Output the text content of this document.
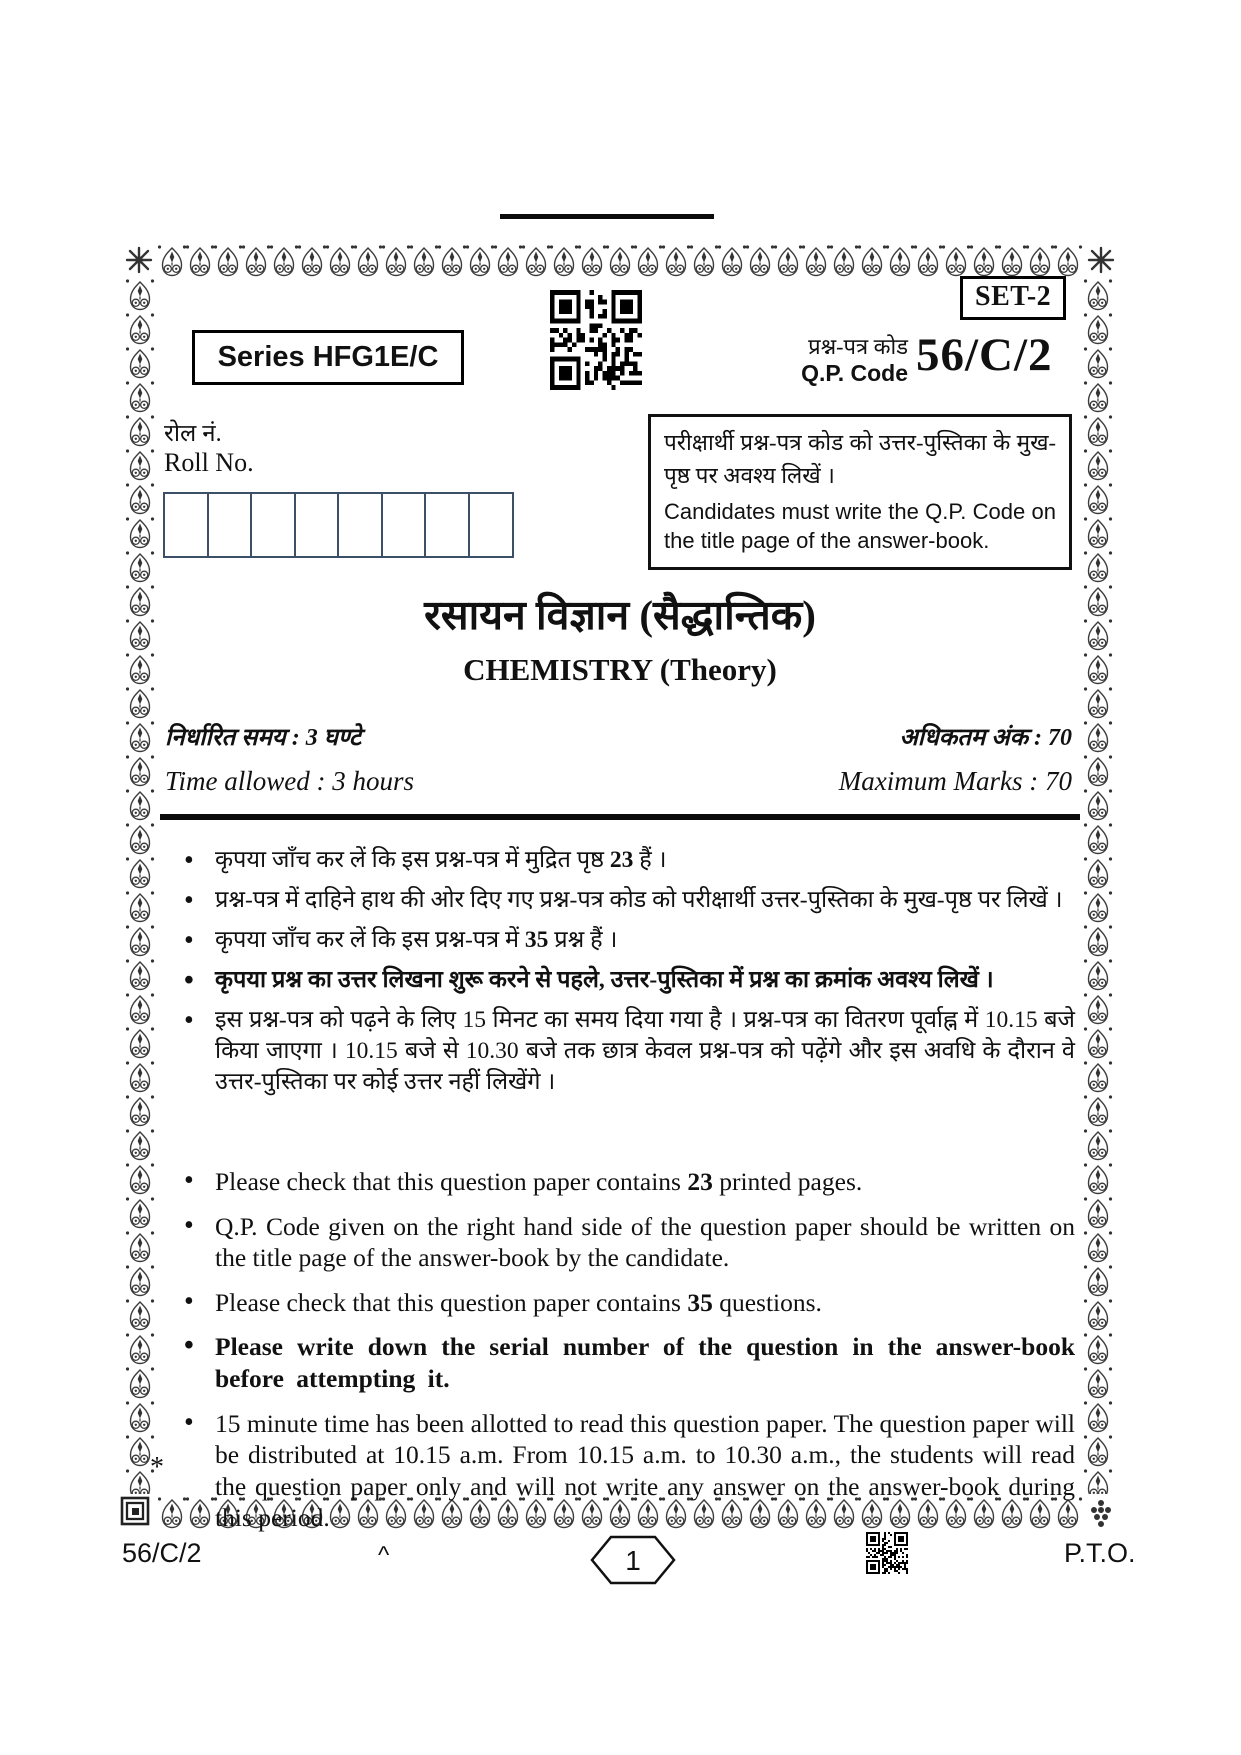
SET-2
Series HFG1E/C	प्रश्न-पत्र कोड
Q.P. Code 56/C/2
रोल नं.
Roll No.
परीक्षार्थी प्रश्न-पत्र कोड को उत्तर-पुस्तिका के मुख-पृष्ठ पर अवश्य लिखें ।
Candidates must write the Q.P. Code on the title page of the answer-book.
रसायन विज्ञान (सैद्धान्तिक)
CHEMISTRY (Theory)
निर्धारित समय : 3 घण्टे	अधिकतम अंक : 70
Time allowed : 3 hours	Maximum Marks : 70
• कृपया जाँच कर लें कि इस प्रश्न-पत्र में मुद्रित पृष्ठ 23 हैं ।
• प्रश्न-पत्र में दाहिने हाथ की ओर दिए गए प्रश्न-पत्र कोड को परीक्षार्थी उत्तर-पुस्तिका के मुख-पृष्ठ पर लिखें ।
• कृपया जाँच कर लें कि इस प्रश्न-पत्र में 35 प्रश्न हैं ।
• कृपया प्रश्न का उत्तर लिखना शुरू करने से पहले, उत्तर-पुस्तिका में प्रश्न का क्रमांक अवश्य लिखें ।
• इस प्रश्न-पत्र को पढ़ने के लिए 15 मिनट का समय दिया गया है । प्रश्न-पत्र का वितरण पूर्वाह्न में 10.15 बजे किया जाएगा । 10.15 बजे से 10.30 बजे तक छात्र केवल प्रश्न-पत्र को पढ़ेंगे और इस अवधि के दौरान वे उत्तर-पुस्तिका पर कोई उत्तर नहीं लिखेंगे ।
• Please check that this question paper contains 23 printed pages.
• Q.P. Code given on the right hand side of the question paper should be written on the title page of the answer-book by the candidate.
• Please check that this question paper contains 35 questions.
• Please write down the serial number of the question in the answer-book before attempting it.
• 15 minute time has been allotted to read this question paper. The question paper will be distributed at 10.15 a.m. From 10.15 a.m. to 10.30 a.m., the students will read the question paper only and will not write any answer on the answer-book during this period.
*
56/C/2	^	1	P.T.O.
